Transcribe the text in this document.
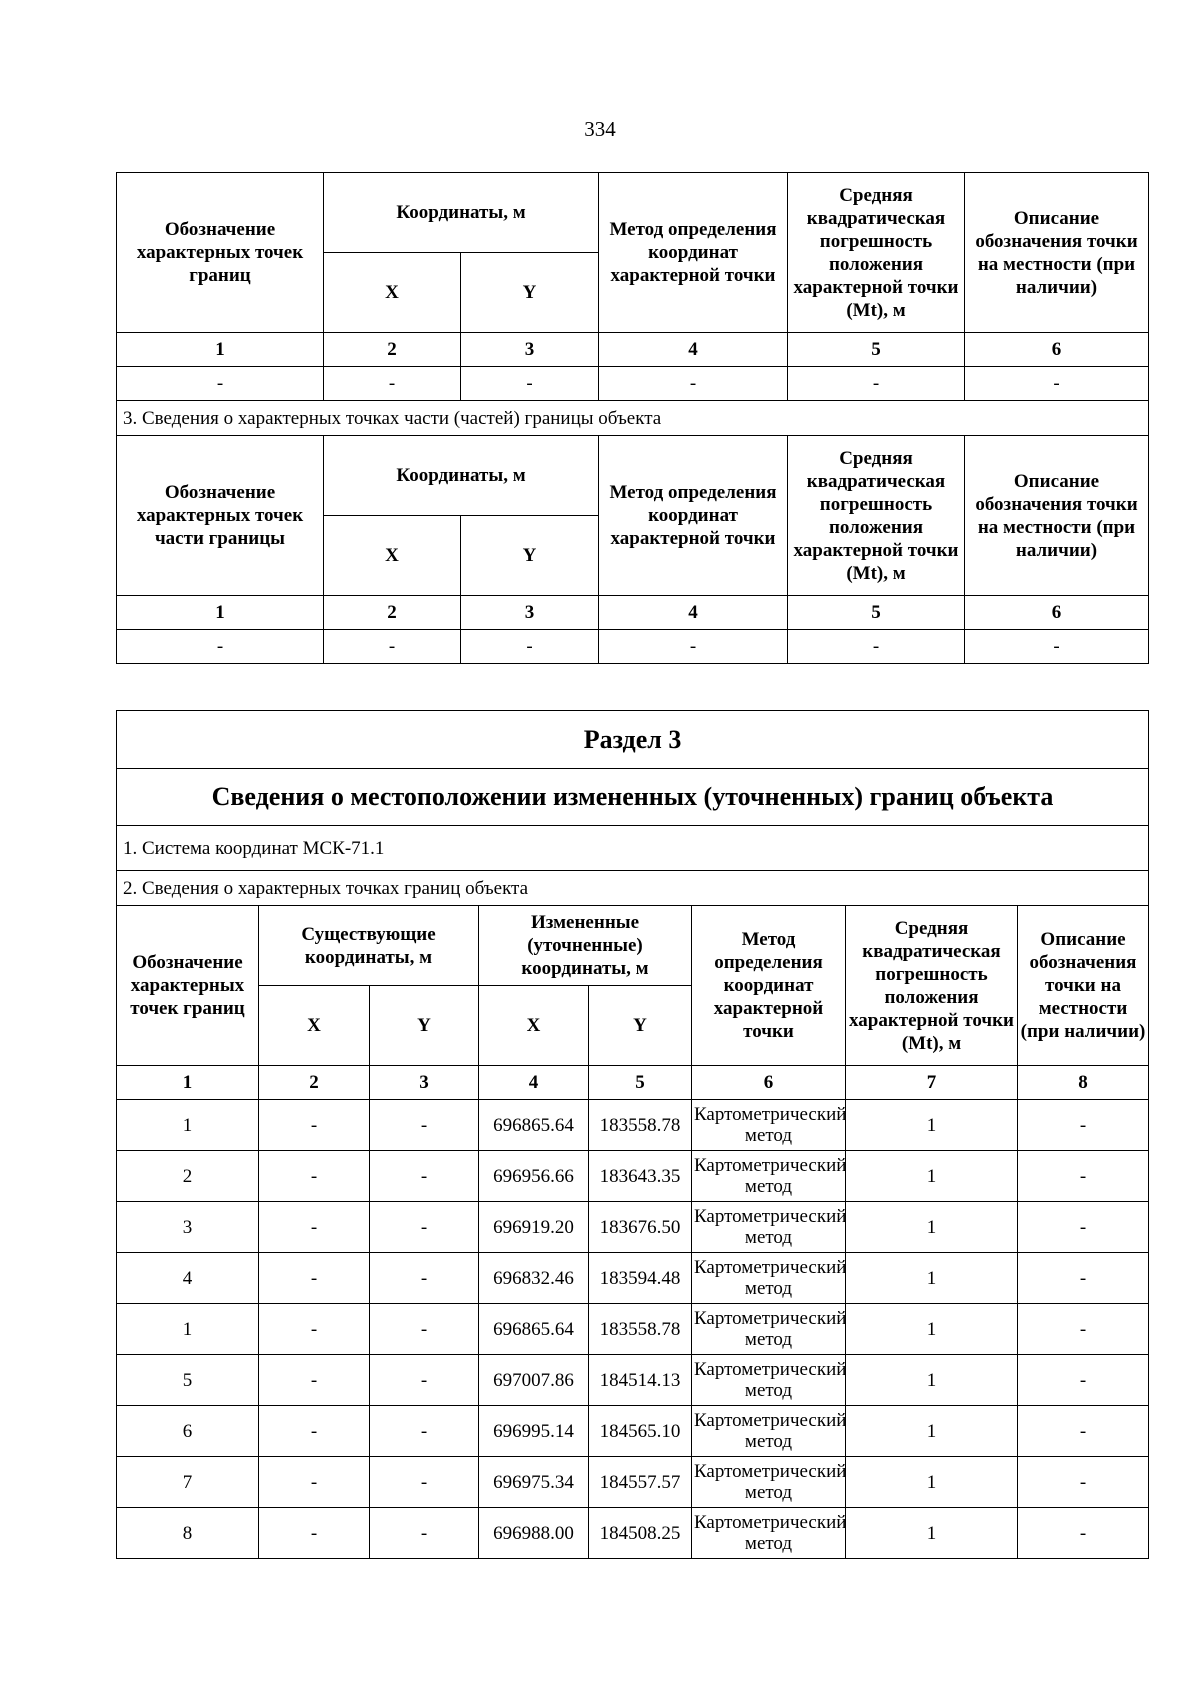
334
Обозначение характерных точек границ	Координаты, м		Метод определения координат характерной точки	Средняя квадратическая погрешность положения характерной точки (Mt), м	Описание обозначения точки на местности (при наличии)
	X	Y			
1	2	3	4	5	6
-	-	-	-	-	-
3. Сведения о характерных точках части (частей) границы объекта					
Обозначение характерных точек части границы	Координаты, м		Метод определения координат характерной точки	Средняя квадратическая погрешность положения характерной точки (Mt), м	Описание обозначения точки на местности (при наличии)
	X	Y			
1	2	3	4	5	6
-	-	-	-	-	-
Раздел 3							
Сведения о местоположении измененных (уточненных) границ объекта							
1. Система координат МСК-71.1							
2. Сведения о характерных точках границ объекта							
Обозначение характерных точек границ	Существующие координаты, м		Измененные (уточненные) координаты, м		Метод определения координат характерной точки	Средняя квадратическая погрешность положения характерной точки (Mt), м	Описание обозначения точки на местности (при наличии)
	X	Y	X	Y			
1	2	3	4	5	6	7	8
1	-	-	696865.64	183558.78	Картометрический метод	1	-
2	-	-	696956.66	183643.35	Картометрический метод	1	-
3	-	-	696919.20	183676.50	Картометрический метод	1	-
4	-	-	696832.46	183594.48	Картометрический метод	1	-
1	-	-	696865.64	183558.78	Картометрический метод	1	-
5	-	-	697007.86	184514.13	Картометрический метод	1	-
6	-	-	696995.14	184565.10	Картометрический метод	1	-
7	-	-	696975.34	184557.57	Картометрический метод	1	-
8	-	-	696988.00	184508.25	Картометрический метод	1	-
